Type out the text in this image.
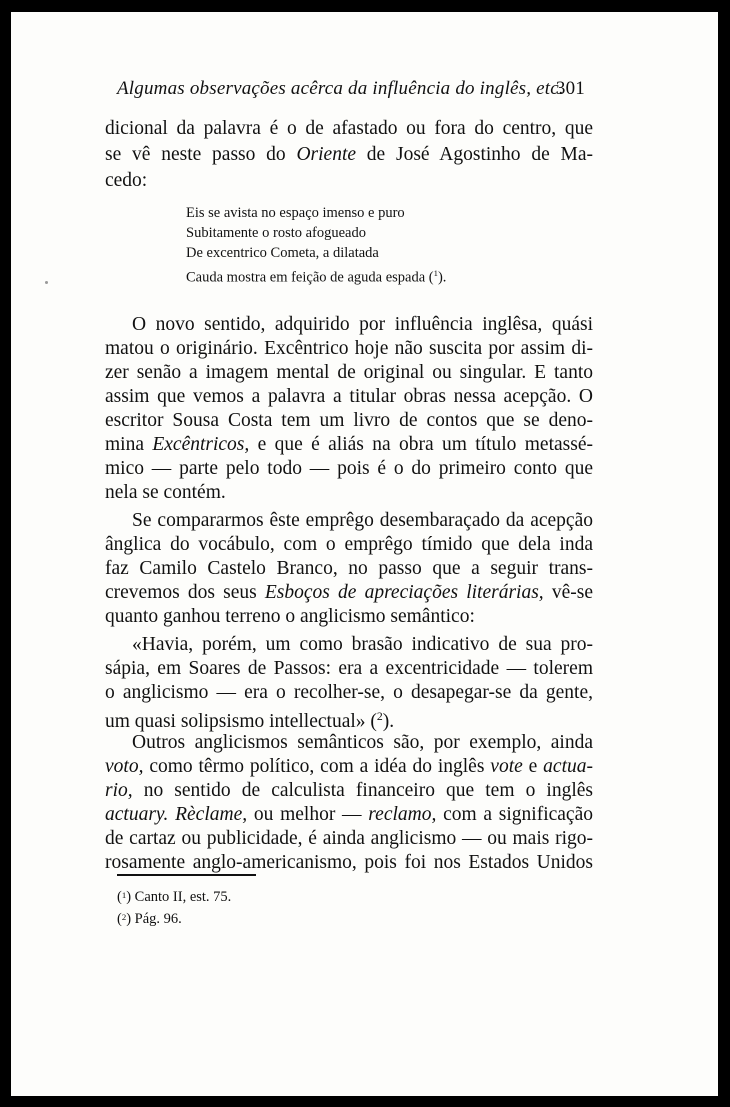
Algumas observações acêrca da influência do inglês, etc.
301
dicional da palavra é o de afastado ou fora do centro, que
se vê neste passo do Oriente de José Agostinho de Ma-
cedo:
Eis se avista no espaço imenso e puro
Subitamente o rosto afogueado
De excentrico Cometa, a dilatada
Cauda mostra em feição de aguda espada ($^1$).
O novo sentido, adquirido por influência inglêsa, quási
matou o originário. Excêntrico hoje não suscita por assim di-
zer senão a imagem mental de original ou singular. E tanto
assim que vemos a palavra a titular obras nessa acepção. O
escritor Sousa Costa tem um livro de contos que se deno-
mina Excêntricos, e que é aliás na obra um título metassé-
mico — parte pelo todo — pois é o do primeiro conto que
nela se contém.
Se compararmos êste emprêgo desembaraçado da acepção
ânglica do vocábulo, com o emprêgo tímido que dela inda
faz Camilo Castelo Branco, no passo que a seguir trans-
crevemos dos seus Esboços de apreciações literárias, vê-se
quanto ganhou terreno o anglicismo semântico:
«Havia, porém, um como brasão indicativo de sua pro-
sápia, em Soares de Passos: era a excentricidade — tolerem
o anglicismo — era o recolher-se, o desapegar-se da gente,
um quasi solipsismo intellectual» ($^2$).
Outros anglicismos semânticos são, por exemplo, ainda
voto, como têrmo político, com a idéa do inglês vote e actua-
rio, no sentido de calculista financeiro que tem o inglês
actuary. Rèclame, ou melhor — reclamo, com a significação
de cartaz ou publicidade, é ainda anglicismo — ou mais rigo-
rosamente anglo-americanismo, pois foi nos Estados Unidos
($^1$) Canto II, est. 75.
($^2$) Pág. 96.
